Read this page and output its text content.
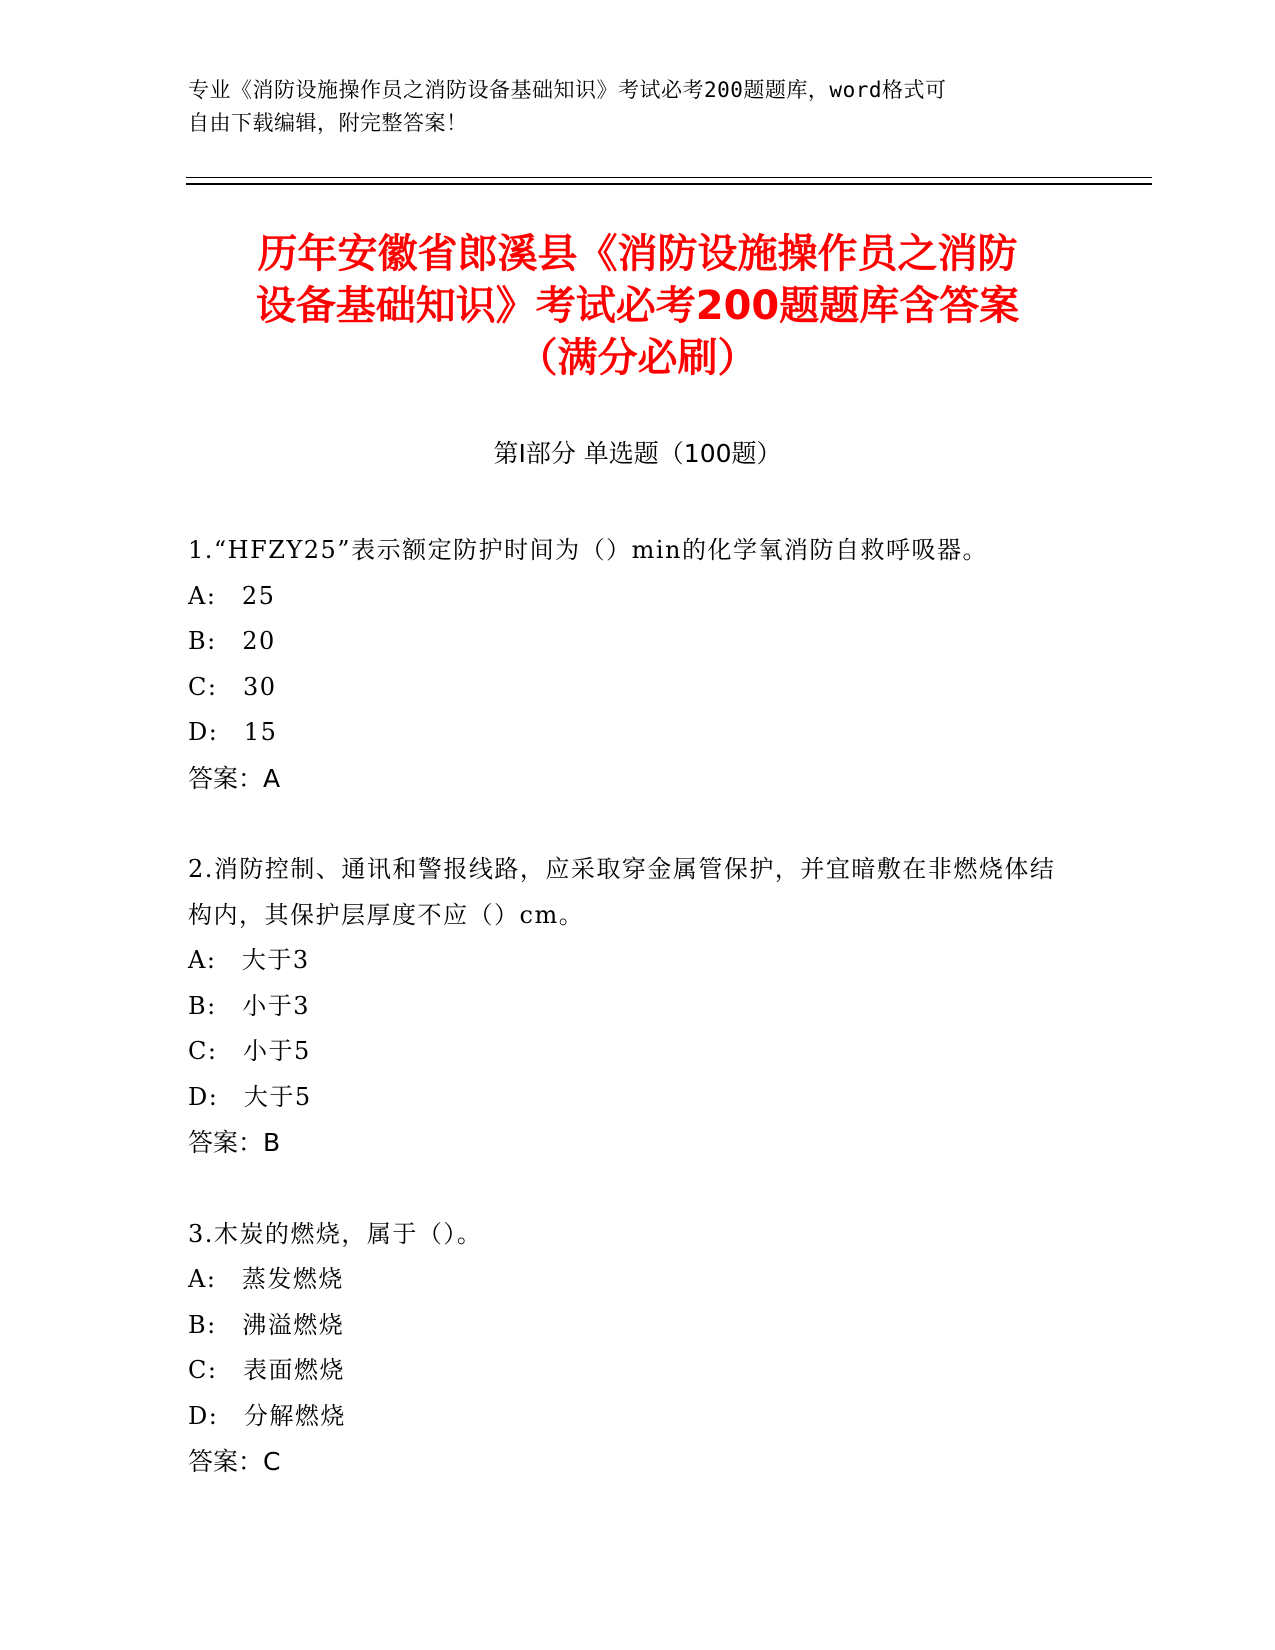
专业《消防设施操作员之消防设备基础知识》考试必考200题题库，word格式可
自由下载编辑，附完整答案！
历年安徽省郎溪县《消防设施操作员之消防
设备基础知识》考试必考200题题库含答案
（满分必刷）
第Ⅰ部分 单选题（100题）
1.“HFZY25”表示额定防护时间为（）min的化学氧消防自救呼吸器。
A:　25
B:　20
C:　30
D:　15
答案：A
2.消防控制、通讯和警报线路，应采取穿金属管保护，并宜暗敷在非燃烧体结构内，其保护层厚度不应（）cm。
A:　大于3
B:　小于3
C:　小于5
D:　大于5
答案：B
3.木炭的燃烧，属于（）。
A:　蒸发燃烧
B:　沸溢燃烧
C:　表面燃烧
D:　分解燃烧
答案：C
